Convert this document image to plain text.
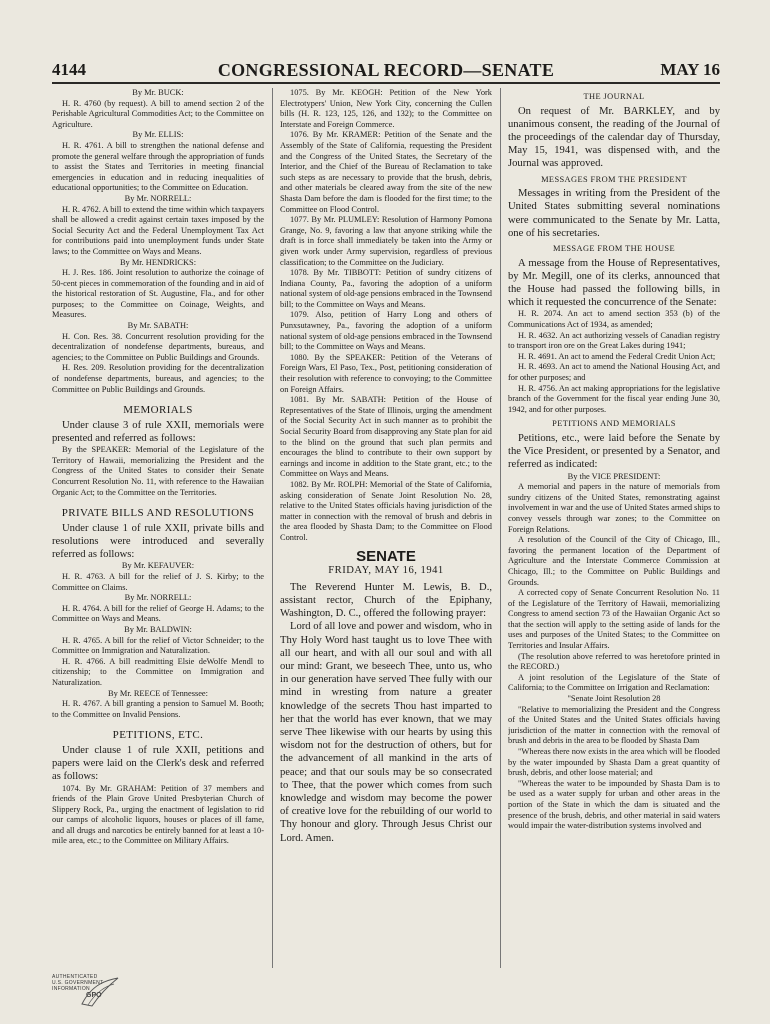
4144	CONGRESSIONAL RECORD—SENATE	MAY 16

By Mr. BUCK:

H. R. 4760 (by request). A bill to amend section 2 of the Perishable Agricultural Commodities Act; to the Committee on Agriculture.

By Mr. ELLIS:

H. R. 4761. A bill to strengthen the national defense and promote the general welfare through the appropriation of funds to assist the States and Territories in meeting financial emergencies in education and in reducing inequalities of educational opportunities; to the Committee on Education.

By Mr. NORRELL:

H. R. 4762. A bill to extend the time within which taxpayers shall be allowed a credit against certain taxes imposed by the Social Security Act and the Federal Unemployment Tax Act for contributions paid into unemployment funds under State laws; to the Committee on Ways and Means.

By Mr. HENDRICKS:

H. J. Res. 186. Joint resolution to authorize the coinage of 50-cent pieces in commemoration of the founding and in aid of the historical restoration of St. Augustine, Fla., and for other purposes; to the Committee on Coinage, Weights, and Measures.

By Mr. SABATH:

H. Con. Res. 38. Concurrent resolution providing for the decentralization of nondefense departments, bureaus, and agencies; to the Committee on Public Buildings and Grounds.

H. Res. 209. Resolution providing for the decentralization of nondefense departments, bureaus, and agencies; to the Committee on Public Buildings and Grounds.

MEMORIALS

Under clause 3 of rule XXII, memorials were presented and referred as follows:

By the SPEAKER: Memorial of the Legislature of the Territory of Hawaii, memorializing the President and the Congress of the United States to consider their Senate Concurrent Resolution No. 11, with reference to the Hawaiian Organic Act; to the Committee on the Territories.

PRIVATE BILLS AND RESOLUTIONS

Under clause 1 of rule XXII, private bills and resolutions were introduced and severally referred as follows:

By Mr. KEFAUVER:

H. R. 4763. A bill for the relief of J. S. Kirby; to the Committee on Claims.

By Mr. NORRELL:

H. R. 4764. A bill for the relief of George H. Adams; to the Committee on Ways and Means.

By Mr. BALDWIN:

H. R. 4765. A bill for the relief of Victor Schneider; to the Committee on Immigration and Naturalization.

H. R. 4766. A bill readmitting Elsie deWolfe Mendl to citizenship; to the Committee on Immigration and Naturalization.

By Mr. REECE of Tennessee:

H. R. 4767. A bill granting a pension to Samuel M. Booth; to the Committee on Invalid Pensions.

PETITIONS, ETC.

Under clause 1 of rule XXII, petitions and papers were laid on the Clerk's desk and referred as follows:

1074. By Mr. GRAHAM: Petition of 37 members and friends of the Plain Grove United Presbyterian Church of Slippery Rock, Pa., urging the enactment of legislation to rid our camps of alcoholic liquors, houses or places of ill fame, and all drugs and narcotics be entirely banned for at least a 10-mile area, etc.; to the Committee on Military Affairs.

1075. By Mr. KEOGH: Petition of the New York Electrotypers' Union, New York City, concerning the Cullen bills (H. R. 123, 125, 126, and 132); to the Committee on Interstate and Foreign Commerce.

1076. By Mr. KRAMER: Petition of the Senate and the Assembly of the State of California, requesting the President and the Congress of the United States, the Secretary of the Interior, and the Chief of the Bureau of Reclamation to take such steps as are necessary to provide that the brush, debris, and other materials be cleared away from the site of the new Shasta Dam before the dam is flooded for the first time; to the Committee on Flood Control.

1077. By Mr. PLUMLEY: Resolution of Harmony Pomona Grange, No. 9, favoring a law that anyone striking while the draft is in force shall immediately be taken into the Army or given work under Army supervision, regardless of previous classification; to the Committee on the Judiciary.

1078. By Mr. TIBBOTT: Petition of sundry citizens of Indiana County, Pa., favoring the adoption of a uniform national system of old-age pensions embraced in the Townsend bill; to the Committee on Ways and Means.

1079. Also, petition of Harry Long and others of Punxsutawney, Pa., favoring the adoption of a uniform national system of old-age pensions embraced in the Townsend bill; to the Committee on Ways and Means.

1080. By the SPEAKER: Petition of the Veterans of Foreign Wars, El Paso, Tex., Post, petitioning consideration of their resolution with reference to convoying; to the Committee on Foreign Affairs.

1081. By Mr. SABATH: Petition of the House of Representatives of the State of Illinois, urging the amendment of the Social Security Act in such manner as to prohibit the Social Security Board from disapproving any State plan for aid to the blind on the ground that such plan permits and encourages the blind to contribute to their own support by earnings and income in addition to the State grant, etc.; to the Committee on Ways and Means.

1082. By Mr. ROLPH: Memorial of the State of California, asking consideration of Senate Joint Resolution No. 28, relative to the United States officials having jurisdiction of the matter in connection with the removal of brush and debris in the area flooded by Shasta Dam; to the Committee on Flood Control.

SENATE
FRIDAY, MAY 16, 1941

The Reverend Hunter M. Lewis, B. D., assistant rector, Church of the Epiphany, Washington, D. C., offered the following prayer:

Lord of all love and power and wisdom, who in Thy Holy Word hast taught us to love Thee with all our heart, and with all our soul and with all our mind: Grant, we beseech Thee, unto us, who in our generation have served Thee fully with our mind in wresting from nature a greater knowledge of the secrets Thou hast imparted to her that the world has ever known, that we may serve Thee likewise with our hearts by using this wisdom not for the destruction of others, but for the advancement of all mankind in the arts of peace; and that our souls may be so consecrated to Thee, that the power which comes from such knowledge and wisdom may become the power of creative love for the rebuilding of our world to Thy honour and glory. Through Jesus Christ our Lord. Amen.

THE JOURNAL

On request of Mr. BARKLEY, and by unanimous consent, the reading of the Journal of the proceedings of the calendar day of Thursday, May 15, 1941, was dispensed with, and the Journal was approved.

MESSAGES FROM THE PRESIDENT

Messages in writing from the President of the United States submitting several nominations were communicated to the Senate by Mr. Latta, one of his secretaries.

MESSAGE FROM THE HOUSE

A message from the House of Representatives, by Mr. Megill, one of its clerks, announced that the House had passed the following bills, in which it requested the concurrence of the Senate:

H. R. 2074. An act to amend section 353 (b) of the Communications Act of 1934, as amended;

H. R. 4632. An act authorizing vessels of Canadian registry to transport iron ore on the Great Lakes during 1941;

H. R. 4691. An act to amend the Federal Credit Union Act;

H. R. 4693. An act to amend the National Housing Act, and for other purposes; and

H. R. 4756. An act making appropriations for the legislative branch of the Government for the fiscal year ending June 30, 1942, and for other purposes.

PETITIONS AND MEMORIALS

Petitions, etc., were laid before the Senate by the Vice President, or presented by a Senator, and referred as indicated:

By the VICE PRESIDENT:

A memorial and papers in the nature of memorials from sundry citizens of the United States, remonstrating against involvement in war and the use of United States armed ships to convey vessels through war zones; to the Committee on Foreign Relations.

A resolution of the Council of the City of Chicago, Ill., favoring the permanent location of the Department of Agriculture and the Interstate Commerce Commission at Chicago, Ill.; to the Committee on Public Buildings and Grounds.

A corrected copy of Senate Concurrent Resolution No. 11 of the Legislature of the Territory of Hawaii, memorializing Congress to amend section 73 of the Hawaiian Organic Act so that the section will apply to the setting aside of lands for the uses and purposes of the United States; to the Committee on Territories and Insular Affairs.

(The resolution above referred to was heretofore printed in the RECORD.)

A joint resolution of the Legislature of the State of California; to the Committee on Irrigation and Reclamation:

"Senate Joint Resolution 28

"Relative to memorializing the President and the Congress of the United States and the United States officials having jurisdiction of the matter in connection with the removal of brush and debris in the area to be flooded by Shasta Dam

"Whereas there now exists in the area which will be flooded by the water impounded by Shasta Dam a great quantity of brush, debris, and other loose material; and

"Whereas the water to be impounded by Shasta Dam is to be used as a water supply for urban and other areas in the portion of the State in which the dam is situated and the presence of the brush, debris, and other material in said waters would impair the water-distribution systems involved and

AUTHENTICATED
U.S. GOVERNMENT
INFORMATION
GPO
